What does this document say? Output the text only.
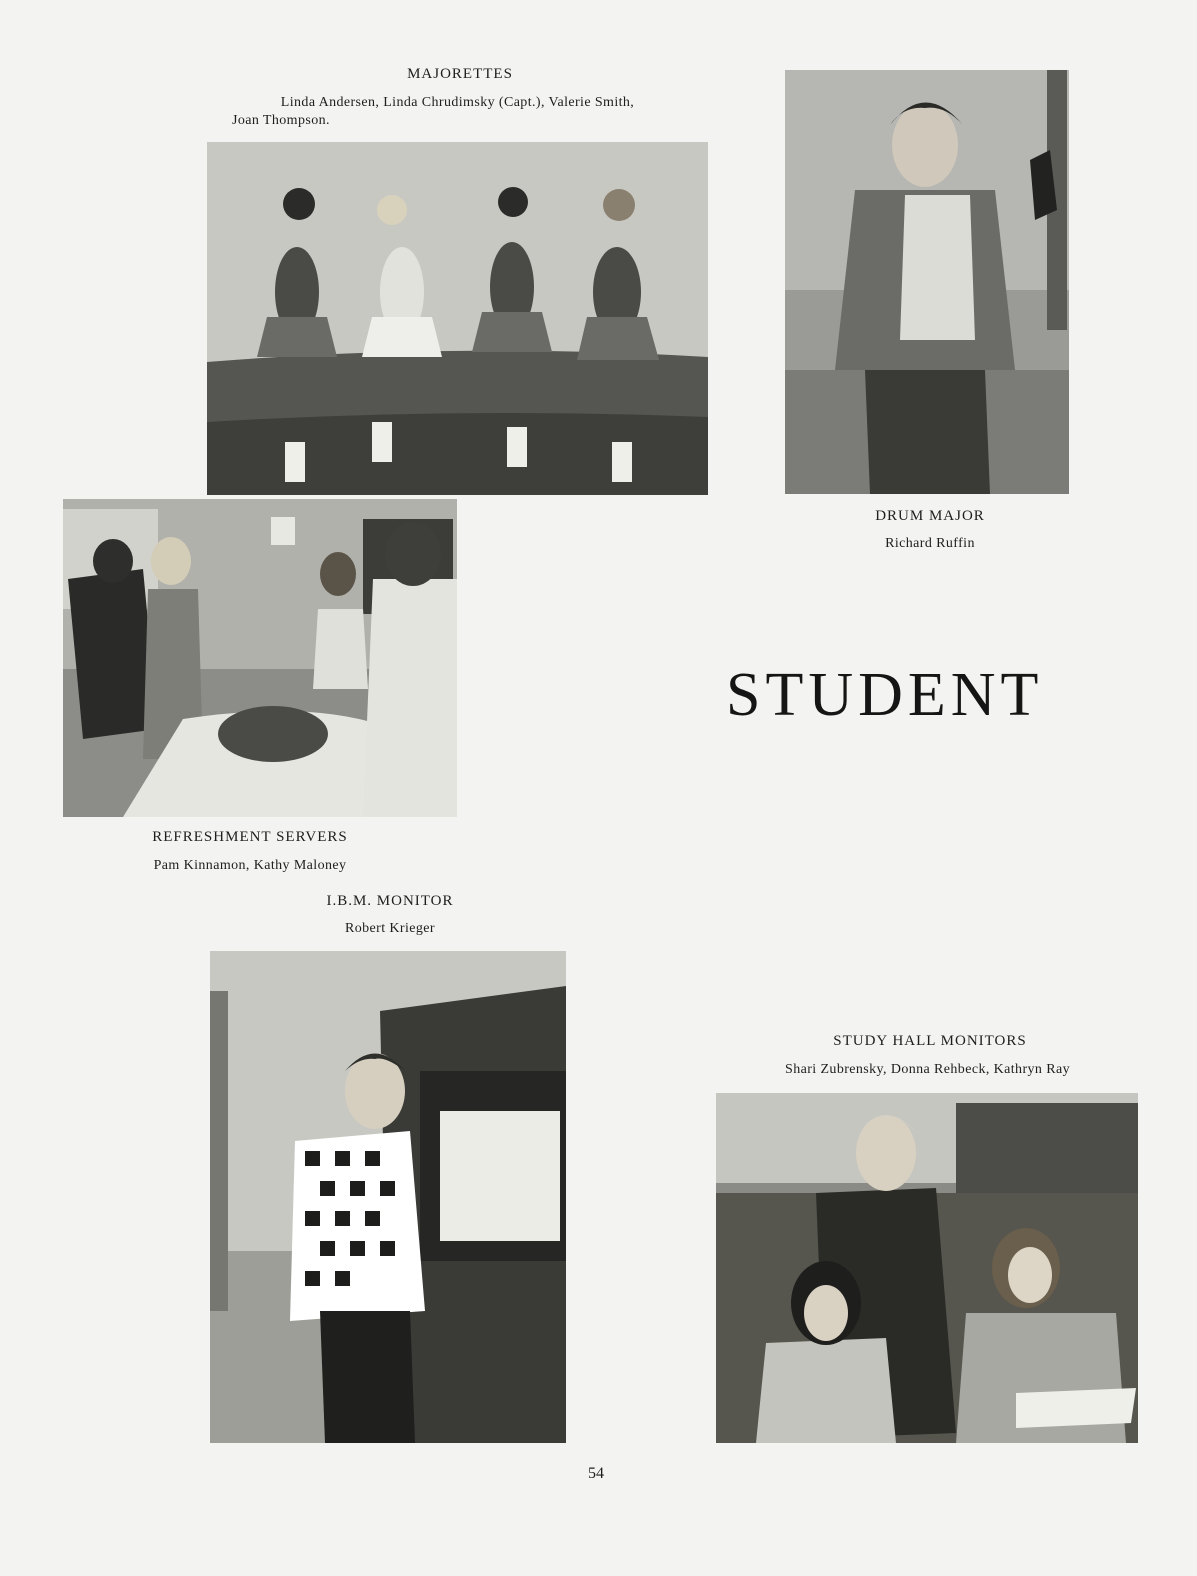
MAJORETTES
Linda Andersen, Linda Chrudimsky (Capt.), Valerie Smith,
Joan Thompson.
DRUM MAJOR
Richard Ruffin
REFRESHMENT SERVERS
Pam Kinnamon, Kathy Maloney
I.B.M. MONITOR
Robert Krieger
STUDENT
STUDY HALL MONITORS
Shari Zubrensky, Donna Rehbeck, Kathryn Ray
54
